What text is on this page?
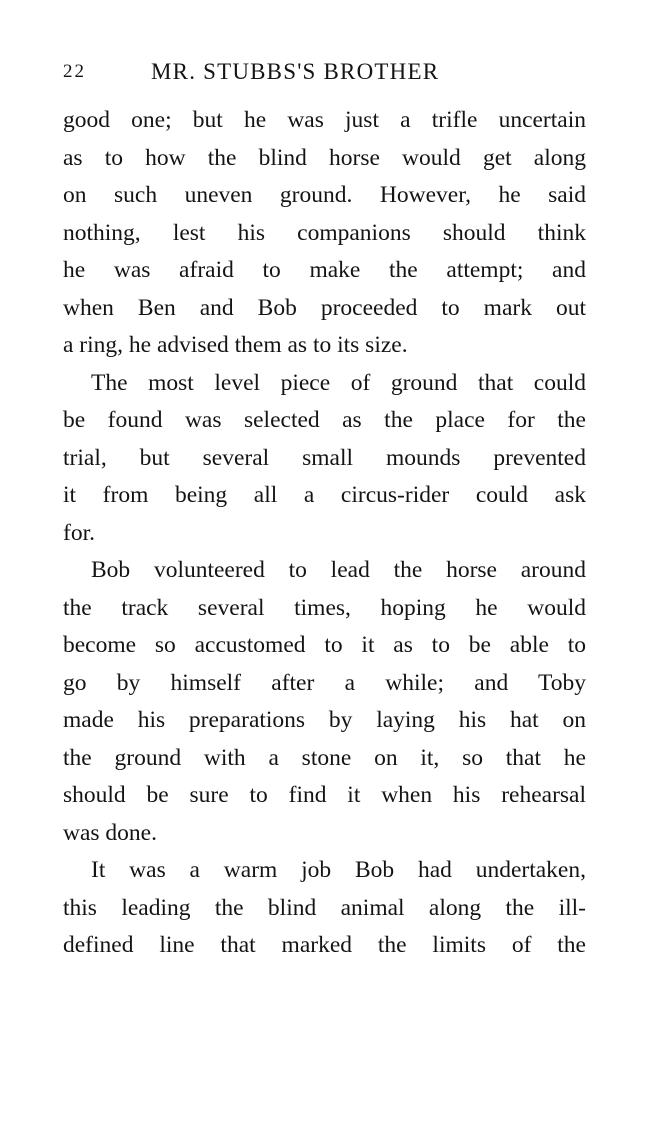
22	MR. STUBBS'S BROTHER
good one; but he was just a trifle uncertain
as to how the blind horse would get along
on such uneven ground. However, he said
nothing, lest his companions should think
he was afraid to make the attempt; and
when Ben and Bob proceeded to mark out
a ring, he advised them as to its size.
The most level piece of ground that could
be found was selected as the place for the
trial, but several small mounds prevented
it from being all a circus-rider could ask
for.
Bob volunteered to lead the horse around
the track several times, hoping he would
become so accustomed to it as to be able to
go by himself after a while; and Toby
made his preparations by laying his hat on
the ground with a stone on it, so that he
should be sure to find it when his rehearsal
was done.
It was a warm job Bob had undertaken,
this leading the blind animal along the ill-
defined line that marked the limits of the
